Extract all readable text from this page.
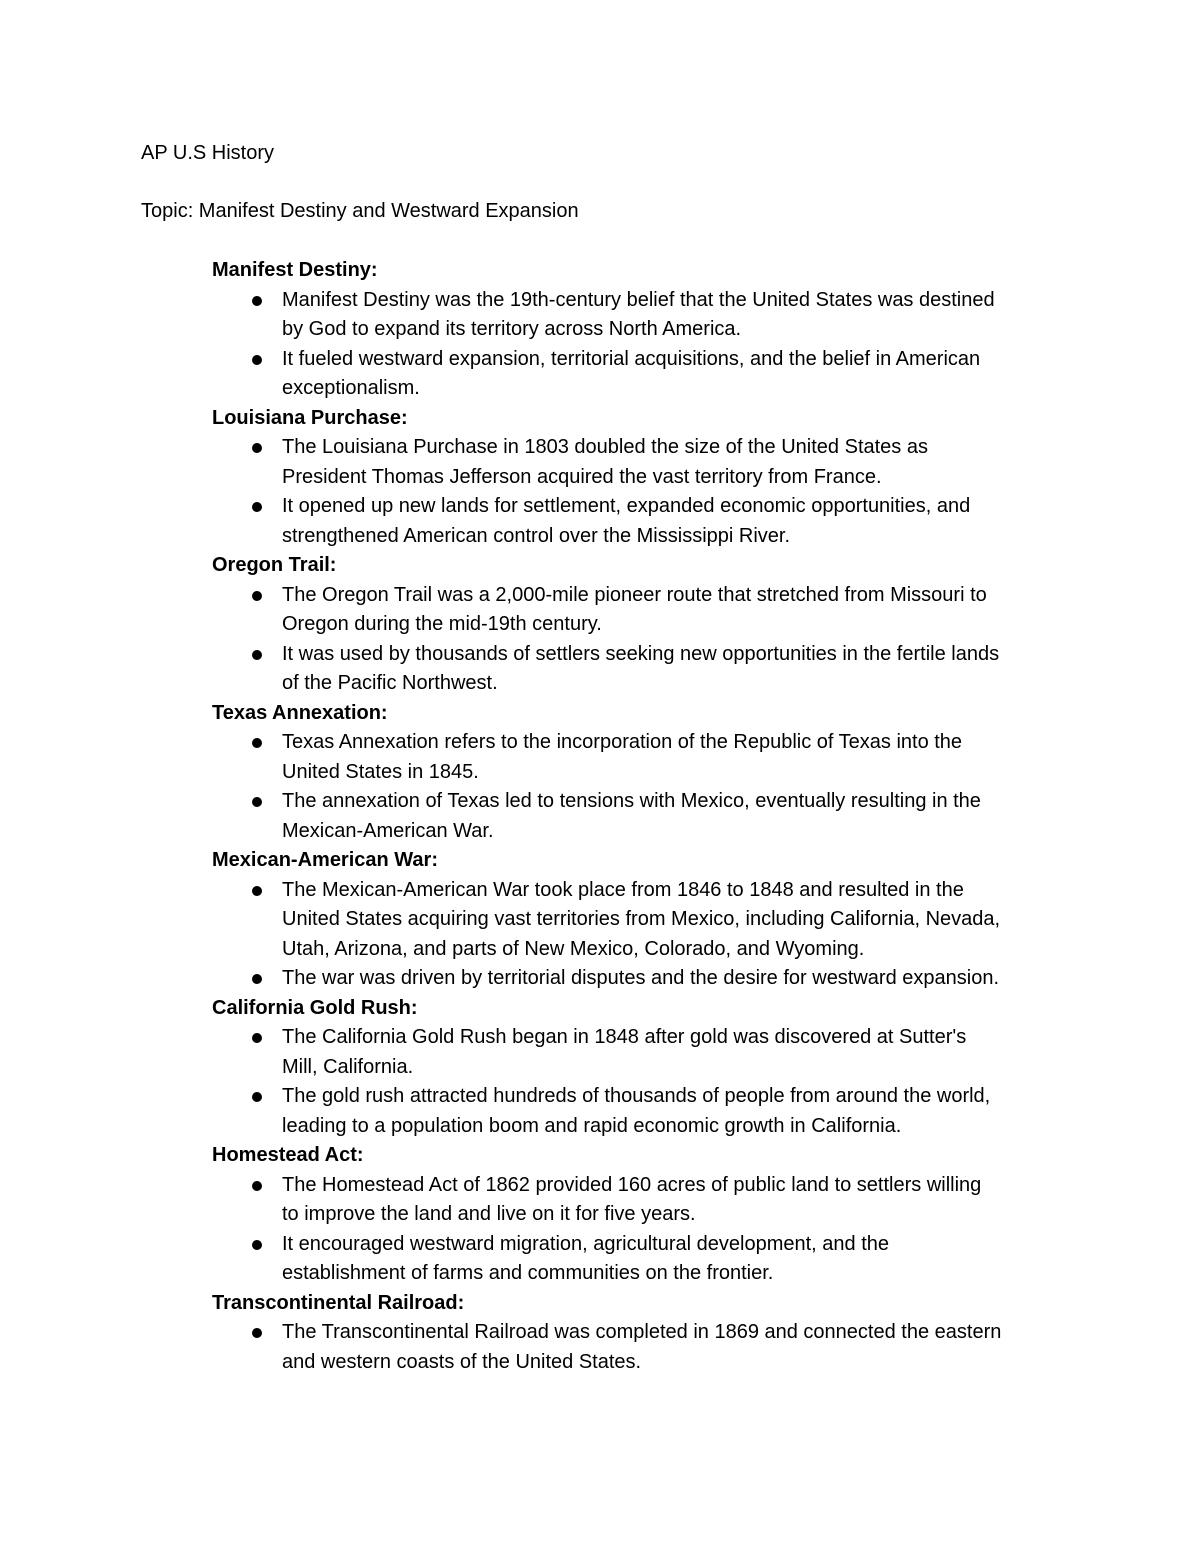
AP U.S History
Topic: Manifest Destiny and Westward Expansion
Manifest Destiny:
Manifest Destiny was the 19th-century belief that the United States was destined
by God to expand its territory across North America.
It fueled westward expansion, territorial acquisitions, and the belief in American
exceptionalism.
Louisiana Purchase:
The Louisiana Purchase in 1803 doubled the size of the United States as
President Thomas Jefferson acquired the vast territory from France.
It opened up new lands for settlement, expanded economic opportunities, and
strengthened American control over the Mississippi River.
Oregon Trail:
The Oregon Trail was a 2,000-mile pioneer route that stretched from Missouri to
Oregon during the mid-19th century.
It was used by thousands of settlers seeking new opportunities in the fertile lands
of the Pacific Northwest.
Texas Annexation:
Texas Annexation refers to the incorporation of the Republic of Texas into the
United States in 1845.
The annexation of Texas led to tensions with Mexico, eventually resulting in the
Mexican-American War.
Mexican-American War:
The Mexican-American War took place from 1846 to 1848 and resulted in the
United States acquiring vast territories from Mexico, including California, Nevada,
Utah, Arizona, and parts of New Mexico, Colorado, and Wyoming.
The war was driven by territorial disputes and the desire for westward expansion.
California Gold Rush:
The California Gold Rush began in 1848 after gold was discovered at Sutter's
Mill, California.
The gold rush attracted hundreds of thousands of people from around the world,
leading to a population boom and rapid economic growth in California.
Homestead Act:
The Homestead Act of 1862 provided 160 acres of public land to settlers willing
to improve the land and live on it for five years.
It encouraged westward migration, agricultural development, and the
establishment of farms and communities on the frontier.
Transcontinental Railroad:
The Transcontinental Railroad was completed in 1869 and connected the eastern
and western coasts of the United States.
